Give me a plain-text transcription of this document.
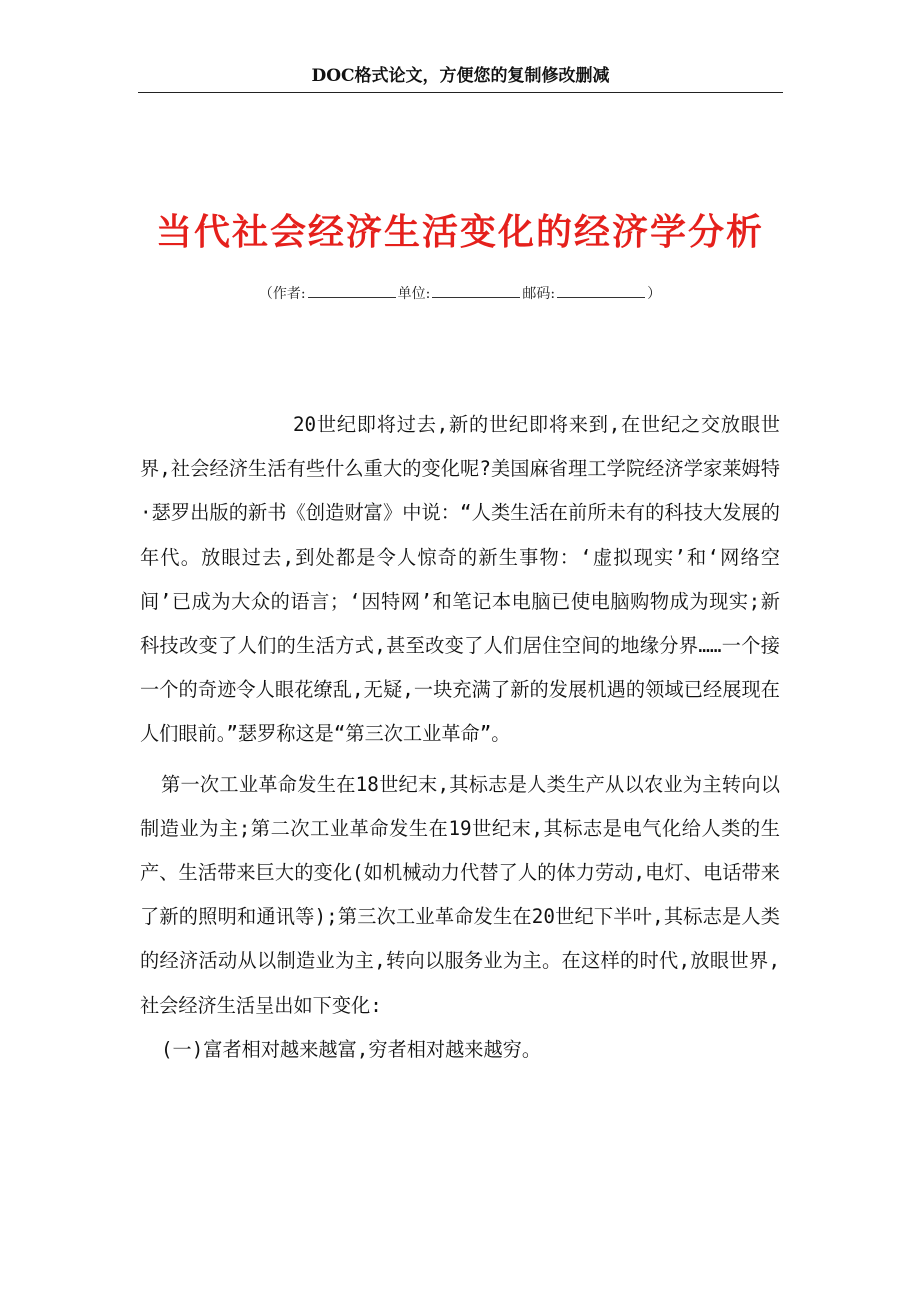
DOC格式论文，方便您的复制修改删减
当代社会经济生活变化的经济学分析
（作者:	单位:	邮码:	）

20世纪即将过去,新的世纪即将来到,在世纪之交放眼世界,社会经济生活有些什么重大的变化呢?美国麻省理工学院经济学家莱姆特·瑟罗出版的新书《创造财富》中说：“人类生活在前所未有的科技大发展的年代。放眼过去,到处都是令人惊奇的新生事物：‘虚拟现实’和‘网络空间’已成为大众的语言；‘因特网’和笔记本电脑已使电脑购物成为现实;新科技改变了人们的生活方式,甚至改变了人们居住空间的地缘分界……一个接一个的奇迹令人眼花缭乱,无疑,一块充满了新的发展机遇的领域已经展现在人们眼前。”瑟罗称这是“第三次工业革命”。

第一次工业革命发生在18世纪末,其标志是人类生产从以农业为主转向以制造业为主;第二次工业革命发生在19世纪末,其标志是电气化给人类的生产、生活带来巨大的变化(如机械动力代替了人的体力劳动,电灯、电话带来了新的照明和通讯等);第三次工业革命发生在20世纪下半叶,其标志是人类的经济活动从以制造业为主,转向以服务业为主。在这样的时代,放眼世界,社会经济生活呈出如下变化:

(一)富者相对越来越富,穷者相对越来越穷。
